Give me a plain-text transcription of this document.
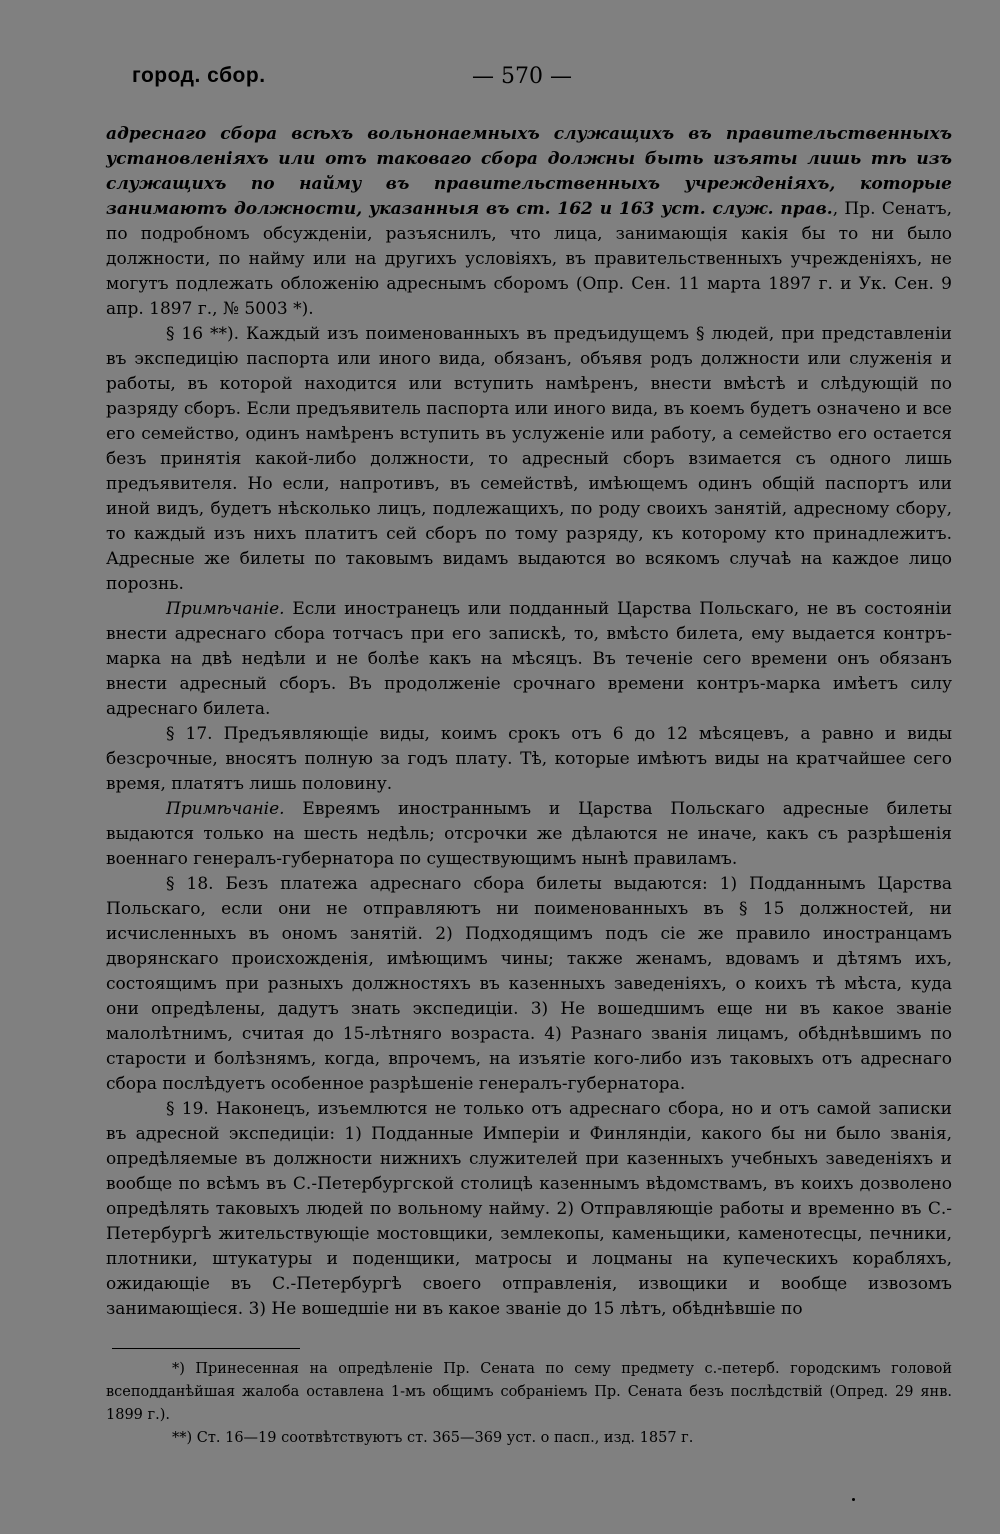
город. сбор.	— 570 —

адреснаго сбора всѣхъ вольнонаемныхъ служащихъ въ правительственныхъ установленіяхъ или отъ таковаго сбора должны быть изъяты лишь тѣ изъ служащихъ по найму въ правительственныхъ учрежденіяхъ, которые занимаютъ должности, указанныя въ ст. 162 и 163 уст. служ. прав., Пр. Сенатъ, по подробномъ обсужденіи, разъяснилъ, что лица, занимающія какія бы то ни было должности, по найму или на другихъ условіяхъ, въ правительственныхъ учрежденіяхъ, не могутъ подлежать обложенію адреснымъ сборомъ (Опр. Сен. 11 марта 1897 г. и Ук. Сен. 9 апр. 1897 г., № 5003 *).

§ 16 **). Каждый изъ поименованныхъ въ предъидущемъ § людей, при представленіи въ экспедицію паспорта или иного вида, обязанъ, объявя родъ должности или служенія и работы, въ которой находится или вступить намѣренъ, внести вмѣстѣ и слѣдующій по разряду сборъ. Если предъявитель паспорта или иного вида, въ коемъ будетъ означено и все его семейство, одинъ намѣренъ вступить въ услуженіе или работу, а семейство его остается безъ принятія какой-либо должности, то адресный сборъ взимается съ одного лишь предъявителя. Но если, напротивъ, въ семействѣ, имѣющемъ одинъ общій паспортъ или иной видъ, будетъ нѣсколько лицъ, подлежащихъ, по роду своихъ занятій, адресному сбору, то каждый изъ нихъ платитъ сей сборъ по тому разряду, къ которому кто принадлежитъ. Адресные же билеты по таковымъ видамъ выдаются во всякомъ случаѣ на каждое лицо порознь.

Примѣчаніе. Если иностранецъ или подданный Царства Польскаго, не въ состояніи внести адреснаго сбора тотчасъ при его запискѣ, то, вмѣсто билета, ему выдается контръ-марка на двѣ недѣли и не болѣе какъ на мѣсяцъ. Въ теченіе сего времени онъ обязанъ внести адресный сборъ. Въ продолженіе срочнаго времени контръ-марка имѣетъ силу адреснаго билета.

§ 17. Предъявляющіе виды, коимъ срокъ отъ 6 до 12 мѣсяцевъ, а равно и виды безсрочные, вносятъ полную за годъ плату. Тѣ, которые имѣютъ виды на кратчайшее сего время, платятъ лишь половину.

Примѣчаніе. Евреямъ иностраннымъ и Царства Польскаго адресные билеты выдаются только на шесть недѣль; отсрочки же дѣлаются не иначе, какъ съ разрѣшенія военнаго генералъ-губернатора по существующимъ нынѣ правиламъ.

§ 18. Безъ платежа адреснаго сбора билеты выдаются: 1) Подданнымъ Царства Польскаго, если они не отправляютъ ни поименованныхъ въ § 15 должностей, ни исчисленныхъ въ ономъ занятій. 2) Подходящимъ подъ сіе же правило иностранцамъ дворянскаго происхожденія, имѣющимъ чины; также женамъ, вдовамъ и дѣтямъ ихъ, состоящимъ при разныхъ должностяхъ въ казенныхъ заведеніяхъ, о коихъ тѣ мѣста, куда они опредѣлены, дадутъ знать экспедиціи. 3) Не вошедшимъ еще ни въ какое званіе малолѣтнимъ, считая до 15-лѣтняго возраста. 4) Разнаго званія лицамъ, обѣднѣвшимъ по старости и болѣзнямъ, когда, впрочемъ, на изъятіе кого-либо изъ таковыхъ отъ адреснаго сбора послѣдуетъ особенное разрѣшеніе генералъ-губернатора.

§ 19. Наконецъ, изъемлются не только отъ адреснаго сбора, но и отъ самой записки въ адресной экспедиціи: 1) Подданные Имперіи и Финляндіи, какого бы ни было званія, опредѣляемые въ должности нижнихъ служителей при казенныхъ учебныхъ заведеніяхъ и вообще по всѣмъ въ С.-Петербургской столицѣ казеннымъ вѣдомствамъ, въ коихъ дозволено опредѣлять таковыхъ людей по вольному найму. 2) Отправляющіе работы и временно въ С.-Петербургѣ жительствующіе мостовщики, землекопы, каменьщики, каменотесцы, печники, плотники, штукатуры и поденщики, матросы и лоцманы на купеческихъ корабляхъ, ожидающіе въ С.-Петербургѣ своего отправленія, извощики и вообще извозомъ занимающіеся. 3) Не вошедшіе ни въ какое званіе до 15 лѣтъ, обѣднѣвшіе по

*) Принесенная на опредѣленіе Пр. Сената по сему предмету с.-петерб. городскимъ головой всеподданѣйшая жалоба оставлена 1-мъ общимъ собраніемъ Пр. Сената безъ послѣдствій (Опред. 29 янв. 1899 г.).

**) Ст. 16—19 соотвѣтствуютъ ст. 365—369 уст. о пасп., изд. 1857 г.
